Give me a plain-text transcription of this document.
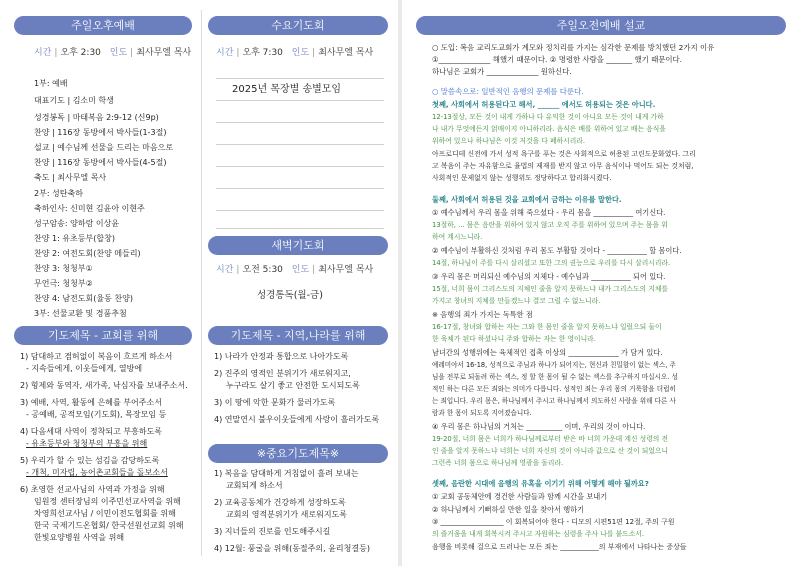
주일오후예배
시간 | 오후 2:30 인도 | 최사무엘 목사
1부: 예배
대표기도 | 김소미 학생
성경봉독 | 마태복음 2:9-12 (신9p)
찬양 | 116장 동방에서 박사들(1-3절)
설교 | 예수님께 선물을 드리는 마음으로
찬양 | 116장 동방에서 박사들(4-5절)
축도 | 최사무엘 목사
2부: 성탄축하
축하인사: 신미현 김윤아 이현주
성구암송: 양하람 이상윤
찬양 1: 유초등부(합창)
찬양 2: 여전도회(찬양 메들리)
찬양 3: 청청부①
무언극: 청청부②
찬양 4: 남전도회(율동 찬양)
3부: 선물교환 및 경품추첨
기도제목 - 교회를 위해
1) 담대하고 겸허없이 복음이 흐르게 하소서
- 지속들에게, 이웃들에게, 열방에
2) 형제와 동역자, 새가족, 낙심자를 보내주소서.
3) 예배, 사역, 활동에 은혜를 부어주소서
- 공예배, 공적모임(기도회), 목장모임 등
4) 다음세대 사역이 정착되고 부흥하도록
- 유초등부와 청청부의 부흥을 위해
5) 우리가 할 수 있는 섬김을 감당하도록
- 개척, 미자립, 농어촌교회들을 돌보소서
6) 초영한 선교사님의 사역과 가정을 위해
임원정 센터장님의 이주민선교사역을 위해
차영희선교사님 / 이민이전도협회를 위해
한국 국제기드온협회/ 한국선원선교회 위해
한빛요양병원 사역을 위해
수요기도회
시간 | 오후 7:30 인도 | 최사무엘 목사
2025년 목장별 송별모임
새벽기도회
시간 | 오전 5:30 인도 | 최사무엘 목사
성경통독(월-금)
기도제목 - 지역,나라를 위해
1) 나라가 안정과 통합으로 나아가도록
2) 진주의 영적인 분위기가 새로워지고,
누구라도 살기 좋고 안전한 도시되도록
3) 이 땅에 악한 문화가 물러가도록
4) 연말연시 불우이웃들에게 사랑이 흘러가도록
※중요기도제목※
1) 복음을 담대하게 거침없이 흘려 보내는
교회되게 하소서
2) 교육공동체가 건강하게 성장하도록
교회의 영적분위기가 새로워지도록
3) 지너들의 진로를 인도해주시길
4) 12월: 풍굴을 위해(동절주의, 윤리청결등)
주일오전예배 설교
○ 도입: 복음 교리도교회가 계모와 정치리를 가지는 심각한 문제를 방치했던 2가지 이유
①______________ 해했기 때문이다. ② 명령한 사람을 _______ 했기 때문이다.
하나님은 교회가 ______________ 원하신다.
○ 말씀속으로: 일반적인 음행의 문제를 다룬다.
첫째, 사회에서 허용된다고 해서, ______ 에서도 허용되는 것은 아니다.
12-13절상, 모든 것이 내게 가하나 다 유익한 것이 아니요 모든 것이 내게 가하
나 내가 무엇에든지 얽매이지 아니하리라. 음식은 배를 위하여 있고 배는 음식을
위하여 있으나 하나님은 이것 저것을 다 폐하시리라.
아프로디테 신전에 가서 성적 욕구를 푸는 것은 사회적으로 허용된 고린도문화였다. 그리
고 복음이 주는 자유함으로 율법의 제재를 받지 않고 아무 음식이나 먹어도 되는 것처럼,
사회적인 문제없지 않는 성행위도 정당하다고 합리화시켰다.
둘째, 사회에서 허용된 것을 교회에서 금하는 이유를 말한다.
① 예수님께서 우리 몸을 위해 죽으셨다 - 우리 몸을 ___________ 여기신다.
13절하, ... 몸은 음란을 위하여 있지 않고 오직 주를 위하여 있으며 주는 몸을 위
하여 계시느니라.
② 예수님이 부활하신 것처럼 우리 몸도 부활할 것이다 - ___________ 할 몸이다.
14절, 하나님이 주를 다시 살리셨고 또한 그의 권능으로 우리를 다시 살리시리라.
③ 우리 몸은 머리되신 예수님의 지체다 - 예수님과 ___________ 되어 있다.
15절, 너희 몸이 그리스도의 지체인 줄을 알지 못하느냐 내가 그리스도의 지체를
가지고 창녀의 지체를 만들겠느냐 결코 그럴 수 없느니라.
※ 음행의 죄가 가지는 독특한 점
16-17절, 창녀와 합하는 자는 그와 한 몸인 줄을 알지 못하느냐 일렀으되 둘이
한 육체가 된다 하셨나니 주와 합하는 자는 한 영이니라.
남녀간의 성행위에는 육체적인 접촉 이상의 ______________ 가 담겨 있다.
예레미야서 16-18, 성적으로 주님과 하나가 되어지는, 현신과 친밀함이 없는 섹스, 주
님을 전부로 되돌려 하는 섹스, 정 할 한 몸이 될 수 없는 섹스를 추구하지 마십시오. 성
적인 하는 다른 모든 죄와는 의미가 다릅니다. 성적인 죄는 우리 몸의 거룩함을 더럽히
는 죄입니다. 우리 몸은, 하나님께서 주시고 하나님께서 의도하신 사랑을 위해 다른 사
람과 한 몸이 되도록 지어졌습니다.
④ 우리 몸은 하나님의 거처는 __________ 이며, 우리의 것이 아니다.
19-20절, 너희 몸은 너희가 하나님께로부터 받은 바 너희 가운데 계신 성령의 전
인 줄을 알지 못하느냐 너희는 너희 자신의 것이 아니라 값으로 산 것이 되었으니
그런즉 너희 몸으로 하나님께 영광을 돌리라.
셋째, 음란한 시대에 음행의 유혹을 이기기 위해 어떻게 해야 될까요?
① 교회 공동체안에 경건한 사람들과 함께 시간을 보내기
② 하나님께서 기뻐하실 만한 일을 찾아서 행하기
③ __________________ 이 회복되어야 한다 - 디모의 시편51편 12절, 주의 구원
의 즐거움을 내게 회복시켜 주시고 자원하는 심령을 주사 나를 붙드소서.
음행을 비롯해 걸으로 드러나는 모든 죄는 ___________의 부재에서 나타나는 증상들
